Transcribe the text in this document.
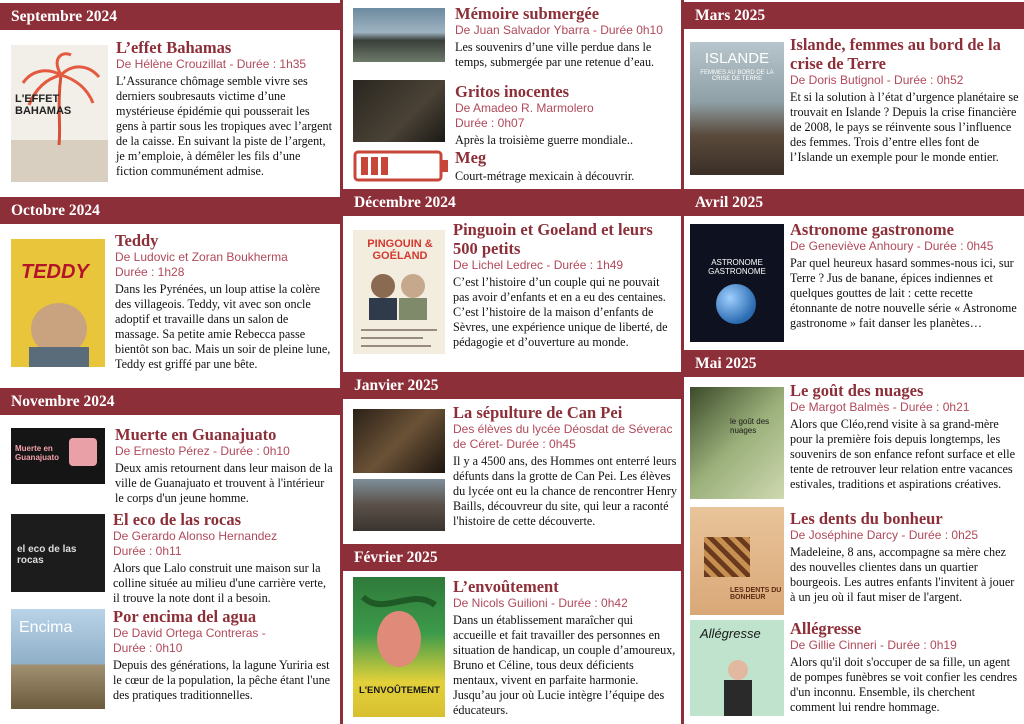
Septembre 2024
L'EFFET BAHAMAS
L’effet Bahamas
De Hélène Crouzillat - Durée : 1h35
L’Assurance chômage semble vivre ses derniers soubresauts victime d’une mystérieuse épidémie qui pousserait les gens à partir sous les tropiques avec l’argent de la caisse. En suivant la piste de l’argent, je m’emploie, à démêler les fils d’une fiction communément admise.
Octobre 2024
TEDDY
Teddy
De Ludovic et Zoran Boukherma
Durée : 1h28
Dans les Pyrénées, un loup attise la colère des villageois. Teddy, vit avec son oncle adoptif et travaille dans un salon de massage. Sa petite amie Rebecca passe bientôt son bac. Mais un soir de pleine lune, Teddy est griffé par une bête.
Novembre 2024
Muerte en Guanajuato
Muerte en Guanajuato
De Ernesto Pérez - Durée : 0h10
Deux amis retournent dans leur maison de la ville de Guanajuato et trouvent à l'intérieur le corps d'un jeune homme.
el eco de las rocas
El eco de las rocas
De Gerardo Alonso Hernandez
Durée : 0h11
Alors que Lalo construit une maison sur la colline située au milieu d'une carrière verte, il trouve la note dont il a besoin.
Encima
Por encima del agua
De David Ortega Contreras -
Durée : 0h10
Depuis des générations, la lagune Yuriria est le cœur de la population, la pêche étant l'une des pratiques traditionnelles.
Mémoire submergée
De Juan Salvador Ybarra - Durée 0h10
Les souvenirs d’une ville perdue dans le temps, submergée par une retenue d’eau.
Gritos inocentes
De Amadeo R. Marmolero
Durée : 0h07
Après la troisième guerre mondiale..
Meg
Court-métrage mexicain à découvrir.
Décembre 2024
PINGOUIN & GOÉLAND
Pinguoin et Goeland et leurs 500 petits
De Lichel Ledrec - Durée : 1h49
C’est l’histoire d’un couple qui ne pouvait pas avoir d’enfants et en a eu des centaines. C’est l’histoire de la maison d’enfants de Sèvres, une expérience unique de liberté, de pédagogie et d’ouverture au monde.
Janvier 2025
La sépulture de Can Pei
Des élèves du lycée Déosdat de Séverac de Céret- Durée : 0h45
Il y a 4500 ans, des Hommes ont enterré leurs défunts dans la grotte de Can Pei. Les élèves du lycée ont eu la chance de rencontrer Henry Baills, découvreur du site, qui leur a raconté l'histoire de cette découverte.
Février 2025
L'ENVOÛTEMENT
L’envoûtement
De Nicols Guilioni - Durée : 0h42
Dans un établissement maraîcher qui accueille et fait travailler des personnes en situation de handicap, un couple d’amoureux, Bruno et Céline, tous deux déficients mentaux, vivent en parfaite harmonie. Jusqu’au jour où Lucie intègre l’équipe des éducateurs.
Mars 2025
ISLANDE
FEMMES AU BORD DE LA CRISE DE TERRE
Islande, femmes au bord de la crise de Terre
De Doris Butignol - Durée : 0h52
Et si la solution à l’état d’urgence planétaire se trouvait en Islande ? Depuis la crise financière de 2008, le pays se réinvente sous l’influence des femmes. Trois d’entre elles font de l’Islande un exemple pour le monde entier.
Avril 2025
ASTRONOME GASTRONOME
Astronome gastronome
De Geneviève Anhoury - Durée : 0h45
Par quel heureux hasard sommes-nous ici, sur Terre ? Jus de banane, épices indiennes et quelques gouttes de lait : cette recette étonnante de notre nouvelle série « Astronome gastronome » fait danser les planètes…
Mai 2025
le goût des nuages
Le goût des nuages
De Margot Balmès - Durée : 0h21
Alors que Cléo,rend visite à sa grand-mère pour la première fois depuis longtemps, les souvenirs de son enfance refont surface et elle tente de retrouver leur relation entre vacances estivales, traditions et aspirations créatives.
LES DENTS DU BONHEUR
Les dents du bonheur
De Joséphine Darcy - Durée : 0h25
Madeleine, 8 ans, accompagne sa mère chez des nouvelles clientes dans un quartier bourgeois. Les autres enfants l'invitent à jouer à un jeu où il faut miser de l'argent.
Allégresse Allégresse
De Gillie Cinneri - Durée : 0h19
Alors qu'il doit s'occuper de sa fille, un agent de pompes funèbres se voit confier les cendres d'un inconnu. Ensemble, ils cherchent comment lui rendre hommage.
